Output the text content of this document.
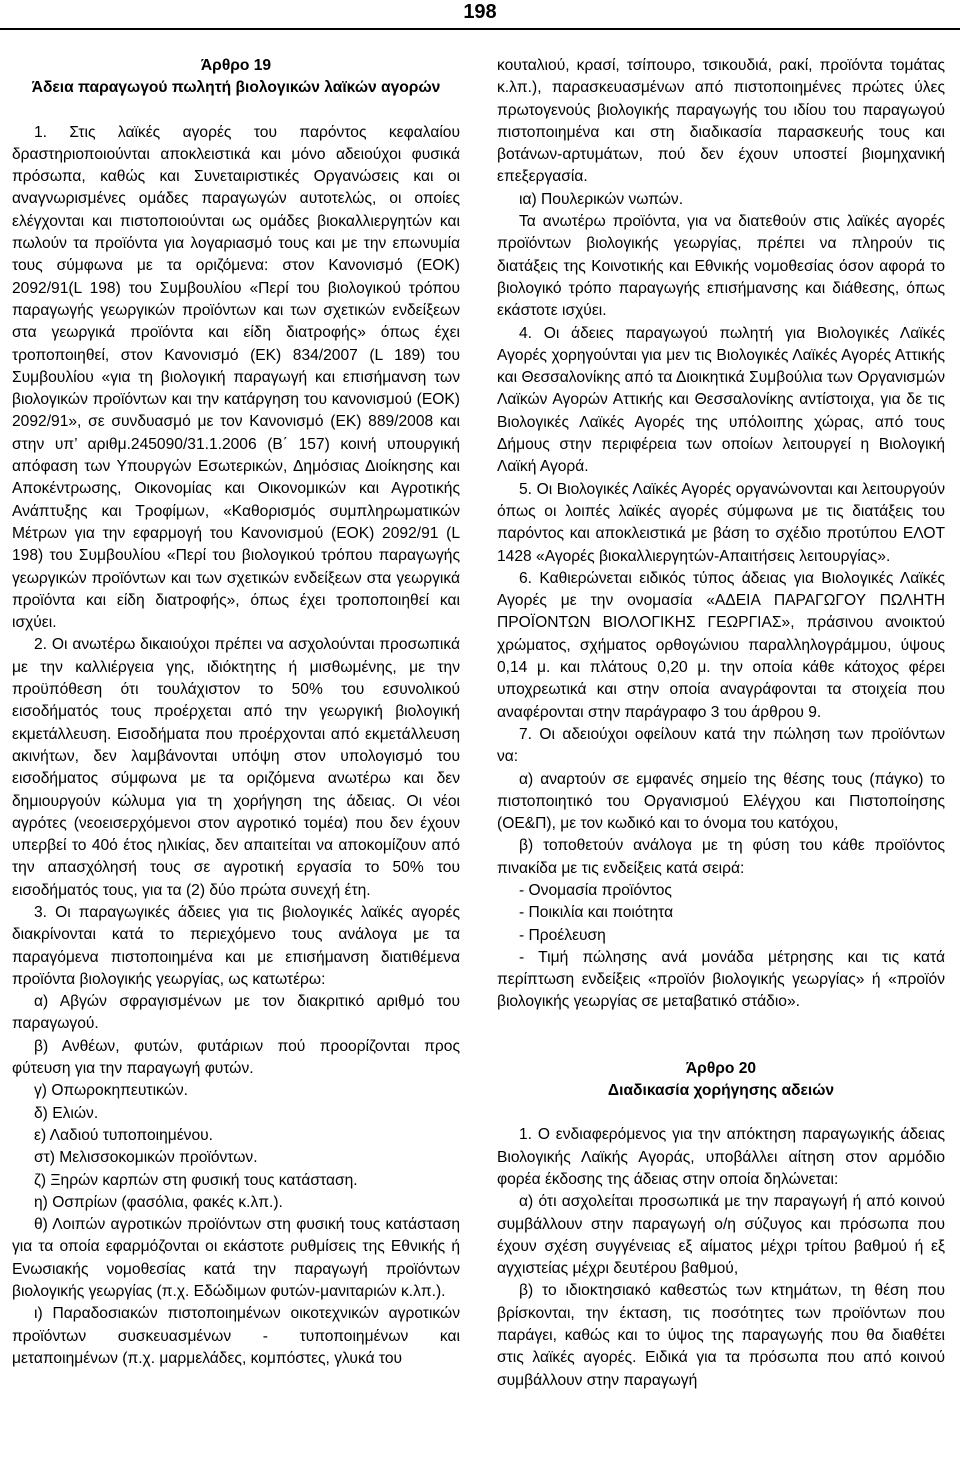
198

Άρθρο 19

Άδεια παραγωγού πωλητή βιολογικών λαϊκών αγορών

1. Στις λαϊκές αγορές του παρόντος κεφαλαίου δραστηριοποιούνται αποκλειστικά και μόνο αδειούχοι φυσικά πρόσωπα, καθώς και Συνεταιριστικές Οργανώσεις και οι αναγνωρισμένες ομάδες παραγωγών αυτοτελώς, οι οποίες ελέγχονται και πιστοποιούνται ως ομάδες βιοκαλλιεργητών και πωλούν τα προϊόντα για λογαριασμό τους και με την επωνυμία τους σύμφωνα με τα οριζόμενα: στον Κανονισμό (ΕΟΚ) 2092/91(L 198) του Συμβουλίου «Περί του βιολογικού τρόπου παραγωγής γεωργικών προϊόντων και των σχετικών ενδείξεων στα γεωργικά προϊόντα και είδη διατροφής» όπως έχει τροποποιηθεί, στον Κανονισμό (ΕΚ) 834/2007 (L 189) του Συμβουλίου «για τη βιολογική παραγωγή και επισήμανση των βιολογικών προϊόντων και την κατάργηση του κανονισμού (ΕΟΚ) 2092/91», σε συνδυασμό με τον Κανονισμό (ΕΚ) 889/2008 και στην υπ’ αριθμ.245090/31.1.2006 (Β΄ 157) κοινή υπουργική απόφαση των Υπουργών Εσωτερικών, Δημόσιας Διοίκησης και Αποκέντρωσης, Οικονομίας και Οικονομικών και Αγροτικής Ανάπτυξης και Τροφίμων, «Καθορισμός συμπληρωματικών Μέτρων για την εφαρμογή του Κανονισμού (ΕΟΚ) 2092/91 (L 198) του Συμβουλίου «Περί του βιολογικού τρόπου παραγωγής γεωργικών προϊόντων και των σχετικών ενδείξεων στα γεωργικά προϊόντα και είδη διατροφής», όπως έχει τροποποιηθεί και ισχύει.

2. Οι ανωτέρω δικαιούχοι πρέπει να ασχολούνται προσωπικά με την καλλιέργεια γης, ιδιόκτητης ή μισθωμένης, με την προϋπόθεση ότι τουλάχιστον το 50% του εσυνολικού εισοδήματός τους προέρχεται από την γεωργική βιολογική εκμετάλλευση. Εισοδήματα που προέρχονται από εκμετάλλευση ακινήτων, δεν λαμβάνονται υπόψη στον υπολογισμό του εισοδήματος σύμφωνα με τα οριζόμενα ανωτέρω και δεν δημιουργούν κώλυμα για τη χορήγηση της άδειας. Οι νέοι αγρότες (νεοεισερχόμενοι στον αγροτικό τομέα) που δεν έχουν υπερβεί το 40ό έτος ηλικίας, δεν απαιτείται να αποκομίζουν από την απασχόλησή τους σε αγροτική εργασία το 50% του εισοδήματός τους, για τα (2) δύο πρώτα συνεχή έτη.

3. Οι παραγωγικές άδειες για τις βιολογικές λαϊκές αγορές διακρίνονται κατά το περιεχόμενο τους ανάλογα με τα παραγόμενα πιστοποιημένα και με επισήμανση διατιθέμενα προϊόντα βιολογικής γεωργίας, ως κατωτέρω:

α) Αβγών σφραγισμένων με τον διακριτικό αριθμό του παραγωγού.

β) Ανθέων, φυτών, φυτάριων πού προορίζονται προς φύτευση για την παραγωγή φυτών.

γ) Οπωροκηπευτικών.

δ) Ελιών.

ε) Λαδιού τυποποιημένου.

στ) Μελισσοκομικών προϊόντων.

ζ) Ξηρών καρπών στη φυσική τους κατάσταση.

η) Οσπρίων (φασόλια, φακές κ.λπ.).

θ) Λοιπών αγροτικών προϊόντων στη φυσική τους κατάσταση για τα οποία εφαρμόζονται οι εκάστοτε ρυθμίσεις της Εθνικής ή Ενωσιακής νομοθεσίας κατά την παραγωγή προϊόντων βιολογικής γεωργίας (π.χ. Εδώδιμων φυτών-μανιταριών κ.λπ.).

ι) Παραδοσιακών πιστοποιημένων οικοτεχνικών αγροτικών προϊόντων συσκευασμένων - τυποποιημένων και μεταποιημένων (π.χ. μαρμελάδες, κομπόστες, γλυκά του

κουταλιού, κρασί, τσίπουρο, τσικουδιά, ρακί, προϊόντα τομάτας κ.λπ.), παρασκευασμένων από πιστοποιημένες πρώτες ύλες πρωτογενούς βιολογικής παραγωγής του ιδίου του παραγωγού πιστοποιημένα και στη διαδικασία παρασκευής τους και βοτάνων-αρτυμάτων, πού δεν έχουν υποστεί βιομηχανική επεξεργασία.

ια) Πουλερικών νωπών.

Τα ανωτέρω προϊόντα, για να διατεθούν στις λαϊκές αγορές προϊόντων βιολογικής γεωργίας, πρέπει να πληρούν τις διατάξεις της Κοινοτικής και Εθνικής νομοθεσίας όσον αφορά το βιολογικό τρόπο παραγωγής επισήμανσης και διάθεσης, όπως εκάστοτε ισχύει.

4. Οι άδειες παραγωγού πωλητή για Βιολογικές Λαϊκές Αγορές χορηγούνται για μεν τις Βιολογικές Λαϊκές Αγορές Αττικής και Θεσσαλονίκης από τα Διοικητικά Συμβούλια των Οργανισμών Λαϊκών Αγορών Αττικής και Θεσσαλονίκης αντίστοιχα, για δε τις Βιολογικές Λαϊκές Αγορές της υπόλοιπης χώρας, από τους Δήμους στην περιφέρεια των οποίων λειτουργεί η Βιολογική Λαϊκή Αγορά.

5. Οι Βιολογικές Λαϊκές Αγορές οργανώνονται και λειτουργούν όπως οι λοιπές λαϊκές αγορές σύμφωνα με τις διατάξεις του παρόντος και αποκλειστικά με βάση το σχέδιο προτύπου ΕΛΟΤ 1428 «Αγορές βιοκαλλιεργητών-Απαιτήσεις λειτουργίας».

6. Καθιερώνεται ειδικός τύπος άδειας για Βιολογικές Λαϊκές Αγορές με την ονομασία «ΑΔΕΙΑ ΠΑΡΑΓΩΓΟΥ ΠΩΛΗΤΗ ΠΡΟΪΟΝΤΩΝ ΒΙΟΛΟΓΙΚΗΣ ΓΕΩΡΓΙΑΣ», πράσινου ανοικτού χρώματος, σχήματος ορθογώνιου παραλληλογράμμου, ύψους 0,14 μ. και πλάτους 0,20 μ. την οποία κάθε κάτοχος φέρει υποχρεωτικά και στην οποία αναγράφονται τα στοιχεία που αναφέρονται στην παράγραφο 3 του άρθρου 9.

7. Οι αδειούχοι οφείλουν κατά την πώληση των προϊόντων να:

α) αναρτούν σε εμφανές σημείο της θέσης τους (πάγκο) το πιστοποιητικό του Οργανισμού Ελέγχου και Πιστοποίησης (ΟΕ&Π), με τον κωδικό και το όνομα του κατόχου,

β) τοποθετούν ανάλογα με τη φύση του κάθε προϊόντος πινακίδα με τις ενδείξεις κατά σειρά:

- Ονομασία προϊόντος

- Ποικιλία και ποιότητα

- Προέλευση

- Τιμή πώλησης ανά μονάδα μέτρησης και τις κατά περίπτωση ενδείξεις «προϊόν βιολογικής γεωργίας» ή «προϊόν βιολογικής γεωργίας σε μεταβατικό στάδιο».

Άρθρο 20

Διαδικασία χορήγησης αδειών

1. Ο ενδιαφερόμενος για την απόκτηση παραγωγικής άδειας Βιολογικής Λαϊκής Αγοράς, υποβάλλει αίτηση στον αρμόδιο φορέα έκδοσης της άδειας στην οποία δηλώνεται:

α) ότι ασχολείται προσωπικά με την παραγωγή ή από κοινού συμβάλλουν στην παραγωγή ο/η σύζυγος και πρόσωπα που έχουν σχέση συγγένειας εξ αίματος μέχρι τρίτου βαθμού ή εξ αγχιστείας μέχρι δευτέρου βαθμού,

β) το ιδιοκτησιακό καθεστώς των κτημάτων, τη θέση που βρίσκονται, την έκταση, τις ποσότητες των προϊόντων που παράγει, καθώς και το ύψος της παραγωγής που θα διαθέτει στις λαϊκές αγορές. Ειδικά για τα πρόσωπα που από κοινού συμβάλλουν στην παραγωγή
